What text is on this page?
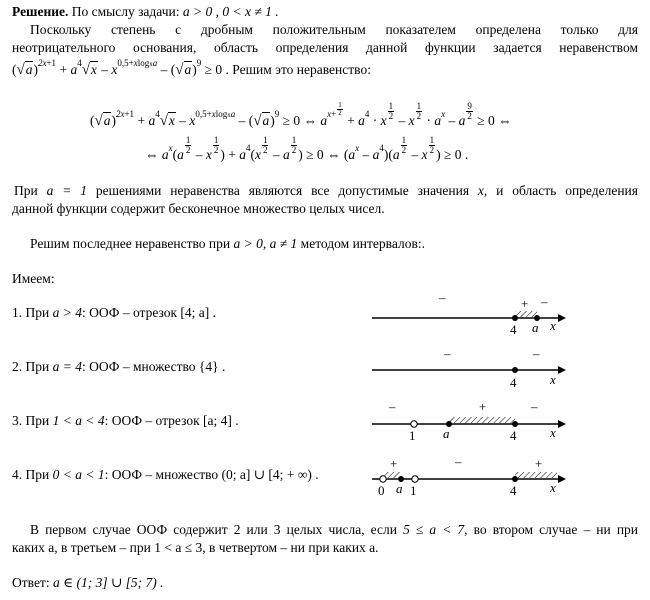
Решение. По смыслу задачи: a > 0 , 0 < x ≠ 1 .
Поскольку степень с дробным положительным показателем определена только для
неотрицательного основания, область определения данной функции задается неравенством
$(√a)^{2x+1} + a^4√x - x^{0,5+xlogxa} - (√a)^9 \ge 0$ . Решим это неравенство:
$(√a)^{2x+1} + a^4√x - x^{0,5+xlogxa} - (√a)^9 \ge 0$ ⇔ $a^{x+ \frac{1}{2}}$
+ $a^4 \cdot x \frac{1}{2} - x \frac{1}{2} \cdot a^x - a \frac{9}{2} \ge 0$ ⇔
⇔ $a^x(a \frac{1}{2}$ – x $\frac{1}{2}$ ) + $a^4(x \frac{1}{2}$ – a $\frac{1}{2}$ ) ≥ 0 ⇔ $(a^x - a^4)(a \frac{1}{2}$ – x $\frac{1}{2}$ ) ≥ 0 .
При a = 1 решениями неравенства являются все допустимые значения x, и область определения
данной функции содержит бесконечное множество целых чисел.
Решим последнее неравенство при a > 0, a ≠ 1 методом интервалов:.
Имеем:
1. При a > 4: ООФ – отрезок [4; a] .
2. При a = 4: ООФ – множество {4} .
3. При 1 < a < 4: ООФ – отрезок [a; 4] .
4. При 0 < a < 1: ООФ – множество (0; a] ∪ [4; + ∞) .
–	+ –
4 a x
–	–
4	x
–	+	–
1 a	4	x
+	–	+
0 a 1	4	x
В первом случае ООФ содержит 2 или 3 целых числа, если 5 ≤ a < 7, во втором случае – ни при
каких a, в третьем – при 1 < a ≤ 3, в четвертом – ни при каких a.
Ответ: a ∈ (1; 3] ∪ [5; 7) .
